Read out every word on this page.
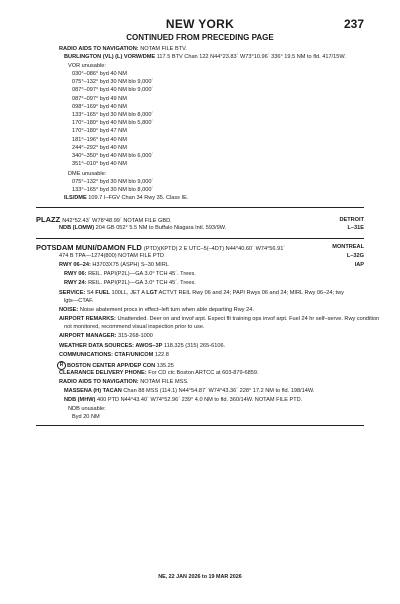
NEW YORK	237
CONTINUED FROM PRECEDING PAGE
RADIO AIDS TO NAVIGATION: NOTAM FILE BTV.
BURLINGTON (VL) (L) VORW/DME 117.5 BTV Chan 122 N44°23.83´ W73°10.96´ 336° 19.5 NM to fld. 417/15W.
VOR unusable:
030°–086° byd 40 NM
075°–132° byd 30 NM blo 9,000´
087°–097° byd 40 NM blo 9,000´
087°–097° byd 49 NM
098°–169° byd 40 NM
133°–165° byd 30 NM blo 8,000´
170°–180° byd 40 NM blo 5,800´
170°–180° byd 47 NM
181°–196° byd 40 NM
244°–292° byd 40 NM
340°–350° byd 40 NM blo 6,000´
351°–010° byd 40 NM
DME unusable:
075°–132° byd 30 NM blo 9,000´
133°–165° byd 30 NM blo 8,000´
ILS/DME 109.7 I–FGV Chan 34 Rwy 35. Class IE.
PLAZZ N42°52.43´ W78°48.99´ NOTAM FILE GBD.	DETROIT
L–31E
NDB (LOMW) 204 GB 052° 5.5 NM to Buffalo Niagara Intl. 593/9W.
POTSDAM MUNI/DAMON FLD (PTD)(KPTD) 2 E UTC–5(–4DT) N44°40.60´ W74°56.91´	MONTREAL
L–32G
IAP
474 B TPA—1274(800) NOTAM FILE PTD
RWY 06–24: H3703X75 (ASPH) S–30 MIRL
RWY 06: REIL. PAPI(P2L)—GA 3.0° TCH 45´. Trees.
RWY 24: REIL. PAPI(P2L)—GA 3.0° TCH 45´. Trees.
SERVICE: S4 FUEL 100LL, JET A LGT ACTVT REIL Rwy 06 and 24; PAPI Rwys 06 and 24; MIRL Rwy 06–24; twy
lgts—CTAF.
NOISE: Noise abatement procs in effect–left turn when able departing Rwy 24.
AIRPORT REMARKS: Unattended. Deer on and invof arpt. Expect flt training ops invof arpt. Fuel 24 hr self–serve. Rwy condition
not monitored, recommend visual inspection prior to use.
AIRPORT MANAGER: 315-268-1000
WEATHER DATA SOURCES: AWOS–3P 118.325 (315) 265-6106.
COMMUNICATIONS: CTAF/UNICOM 122.8
R BOSTON CENTER APP/DEP CON 135.25
CLEARANCE DELIVERY PHONE: For CD ctc Boston ARTCC at 603-879-6859.
RADIO AIDS TO NAVIGATION: NOTAM FILE MSS.
MASSENA (H) TACAN Chan 88 MSS (114.1) N44°54.87´ W74°43.36´ 228° 17.2 NM to fld. 198/14W.
NDB (MHW) 400 PTD N44°43.40´ W74°52.96´ 239° 4.0 NM to fld. 360/14W. NOTAM FILE PTD.
NDB unusable:
Byd 20 NM
NE, 22 JAN 2026 to 19 MAR 2026
